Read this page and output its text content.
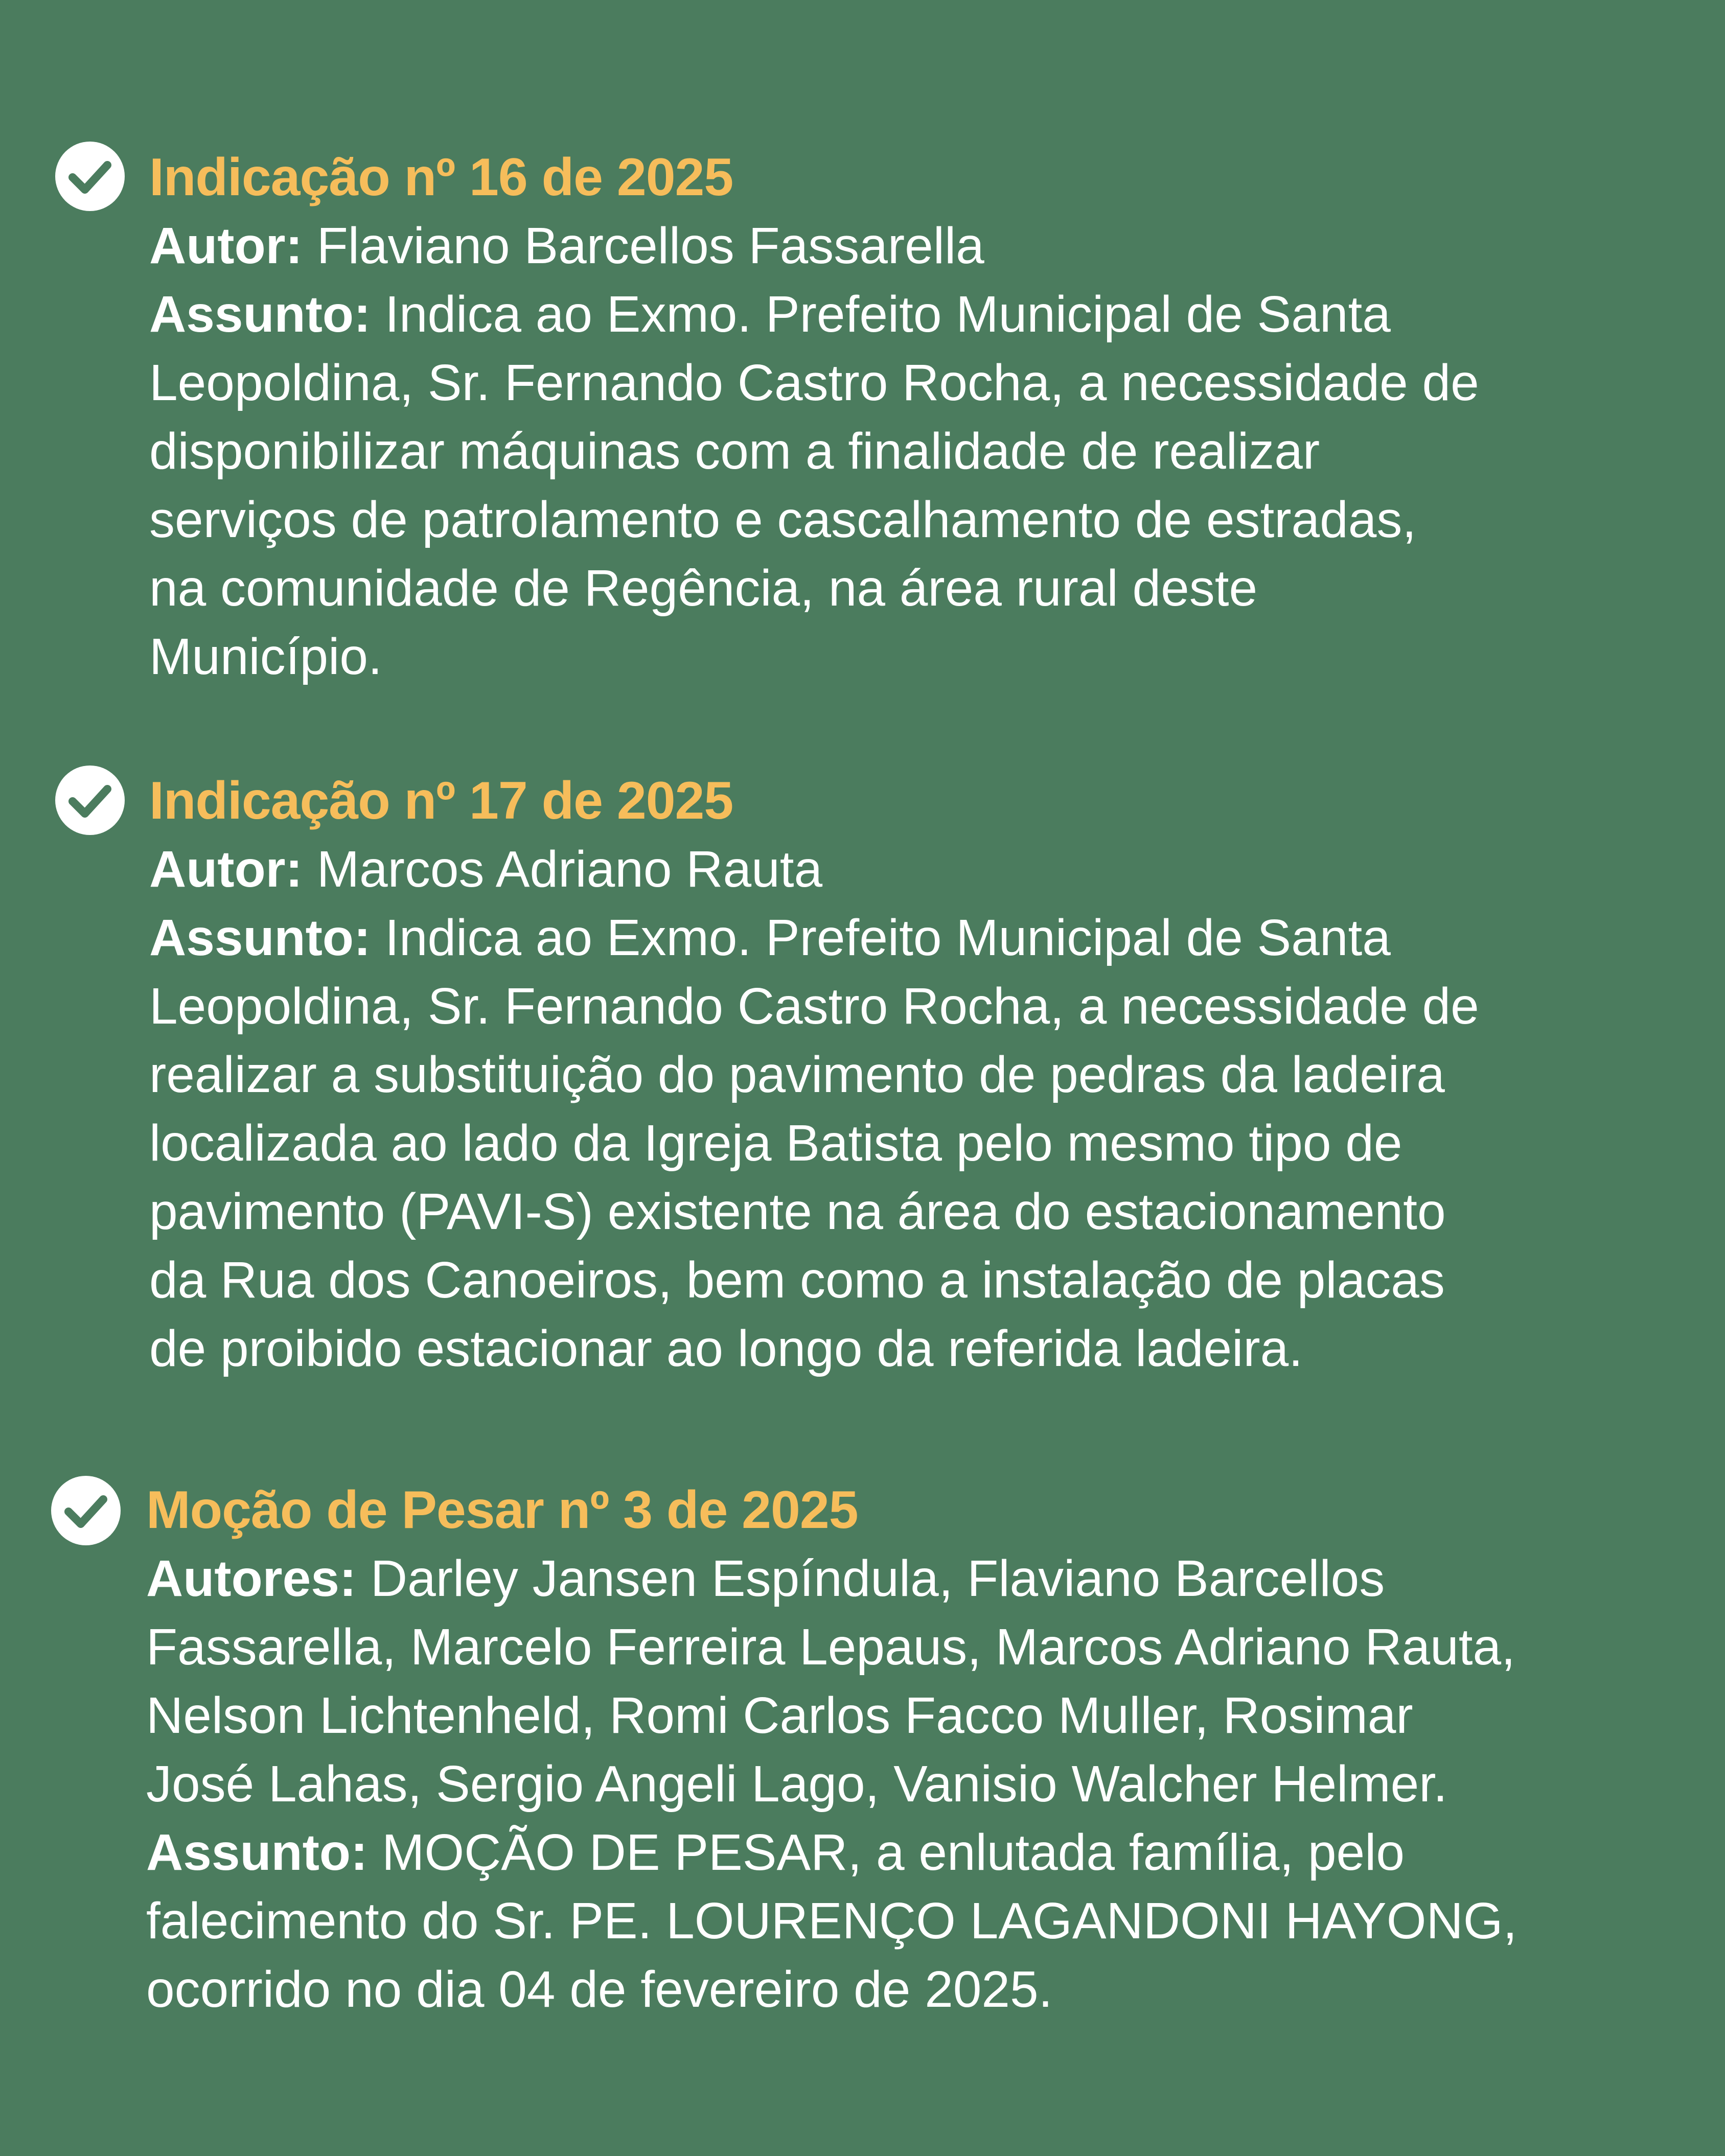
Indicação nº 16 de 2025
Autor: Flaviano Barcellos Fassarella
Assunto: Indica ao Exmo. Prefeito Municipal de Santa
Leopoldina, Sr. Fernando Castro Rocha, a necessidade de
disponibilizar máquinas com a finalidade de realizar
serviços de patrolamento e cascalhamento de estradas,
na comunidade de Regência, na área rural deste
Município.
Indicação nº 17 de 2025
Autor: Marcos Adriano Rauta
Assunto: Indica ao Exmo. Prefeito Municipal de Santa
Leopoldina, Sr. Fernando Castro Rocha, a necessidade de
realizar a substituição do pavimento de pedras da ladeira
localizada ao lado da Igreja Batista pelo mesmo tipo de
pavimento (PAVI-S) existente na área do estacionamento
da Rua dos Canoeiros, bem como a instalação de placas
de proibido estacionar ao longo da referida ladeira.
Moção de Pesar nº 3 de 2025
Autores: Darley Jansen Espíndula, Flaviano Barcellos
Fassarella, Marcelo Ferreira Lepaus, Marcos Adriano Rauta,
Nelson Lichtenheld, Romi Carlos Facco Muller, Rosimar
José Lahas, Sergio Angeli Lago, Vanisio Walcher Helmer.
Assunto: MOÇÃO DE PESAR, a enlutada família, pelo
falecimento do Sr. PE. LOURENÇO LAGANDONI HAYONG,
ocorrido no dia 04 de fevereiro de 2025.
